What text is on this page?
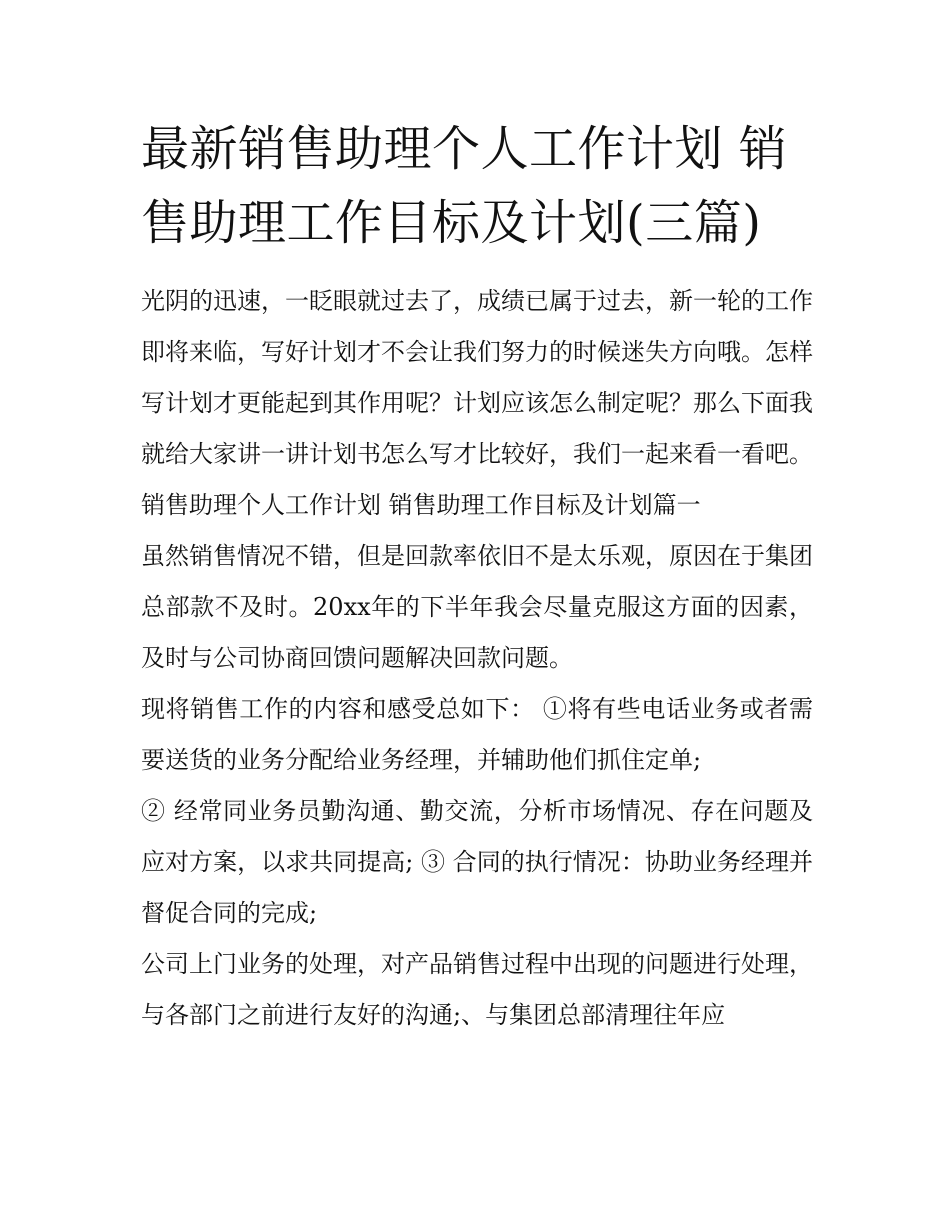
最新销售助理个人工作计划 销售助理工作目标及计划(三篇)

光阴的迅速，一眨眼就过去了，成绩已属于过去，新一轮的工作即将来临，写好计划才不会让我们努力的时候迷失方向哦。怎样写计划才更能起到其作用呢？计划应该怎么制定呢？那么下面我就给大家讲一讲计划书怎么写才比较好，我们一起来看一看吧。

销售助理个人工作计划 销售助理工作目标及计划篇一

虽然销售情况不错，但是回款率依旧不是太乐观，原因在于集团总部款不及时。20xx年的下半年我会尽量克服这方面的因素，及时与公司协商回馈问题解决回款问题。

现将销售工作的内容和感受总如下： ①将有些电话业务或者需要送货的业务分配给业务经理，并辅助他们抓住定单;

② 经常同业务员勤沟通、勤交流，分析市场情况、存在问题及应对方案，以求共同提高; ③ 合同的执行情况：协助业务经理并督促合同的完成;

公司上门业务的处理，对产品销售过程中出现的问题进行处理，与各部门之前进行友好的沟通;、与集团总部清理往年应
